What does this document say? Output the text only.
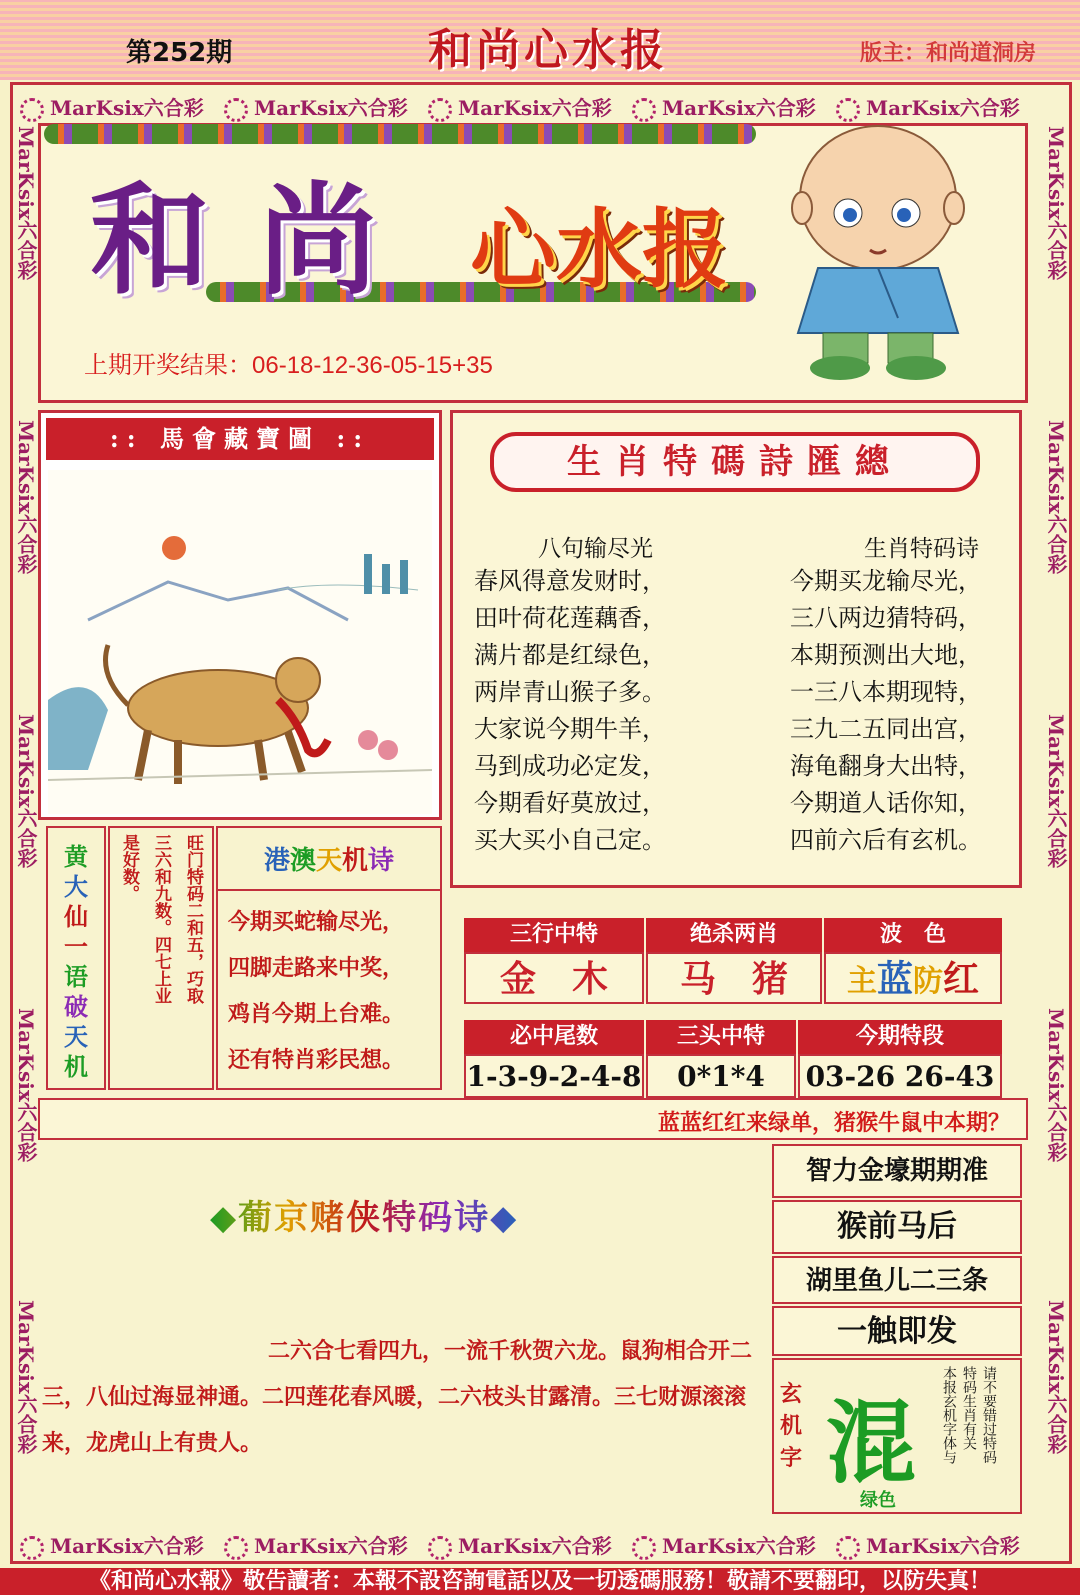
第252期	和尚心水报	版主：和尚道洞房
MarKsix六合彩	MarKsix六合彩	MarKsix六合彩	MarKsix六合彩	MarKsix六合彩
MarKsix六合彩	MarKsix六合彩	MarKsix六合彩	MarKsix六合彩	MarKsix六合彩
MarKsix六合彩
MarKsix六合彩
MarKsix六合彩
MarKsix六合彩
MarKsix六合彩
MarKsix六合彩
MarKsix六合彩
MarKsix六合彩
MarKsix六合彩
MarKsix六合彩
和尚 心水报
上期开奖结果：06-18-12-36-05-15+35
:: 馬會藏寶圖 ::
生肖特碼詩匯總
八句输尽光
春风得意发财时，
田叶荷花莲藕香，
满片都是红绿色，
两岸青山猴子多。
大家说今期牛羊，
马到成功必定发，
今期看好莫放过，
买大买小自己定。
生肖特码诗
今期买龙输尽光，
三八两边猜特码，
本期预测出大地，
一三八本期现特，
三九二五同出宫，
海龟翻身大出特，
今期道人话你知，
四前六后有玄机。
黄
大
仙
一
语
破
天
机
旺门特码二和五，巧取
三六和九数。四七上业
是好数。	港澳天机诗
今期买蛇输尽光，
四脚走路来中奖，
鸡肖今期上台难。
还有特肖彩民想。
三行中特	绝杀两肖	波　色
金　木	马　猪	主蓝防红
必中尾数	三头中特	今期特段
1-3-9-2-4-8	0*1*4	03-26 26-43
蓝蓝红红来绿单，猪猴牛鼠中本期？
◆葡京赌侠特码诗◆
二六合七看四九，一流千秋贺六龙。鼠狗相合开二
三，八仙过海显神通。二四莲花春风暖，二六枝头甘露清。三七财源滚滚
来，龙虎山上有贵人。
智力金壕期期准
猴前马后
湖里鱼儿二三条
一触即发
玄机字 混
绿色
请不要错过特码
特码生肖有关
本报玄机字体与
《和尚心水報》敬告讀者：本報不設咨詢電話以及一切透碼服務！敬請不要翻印，以防失真！
